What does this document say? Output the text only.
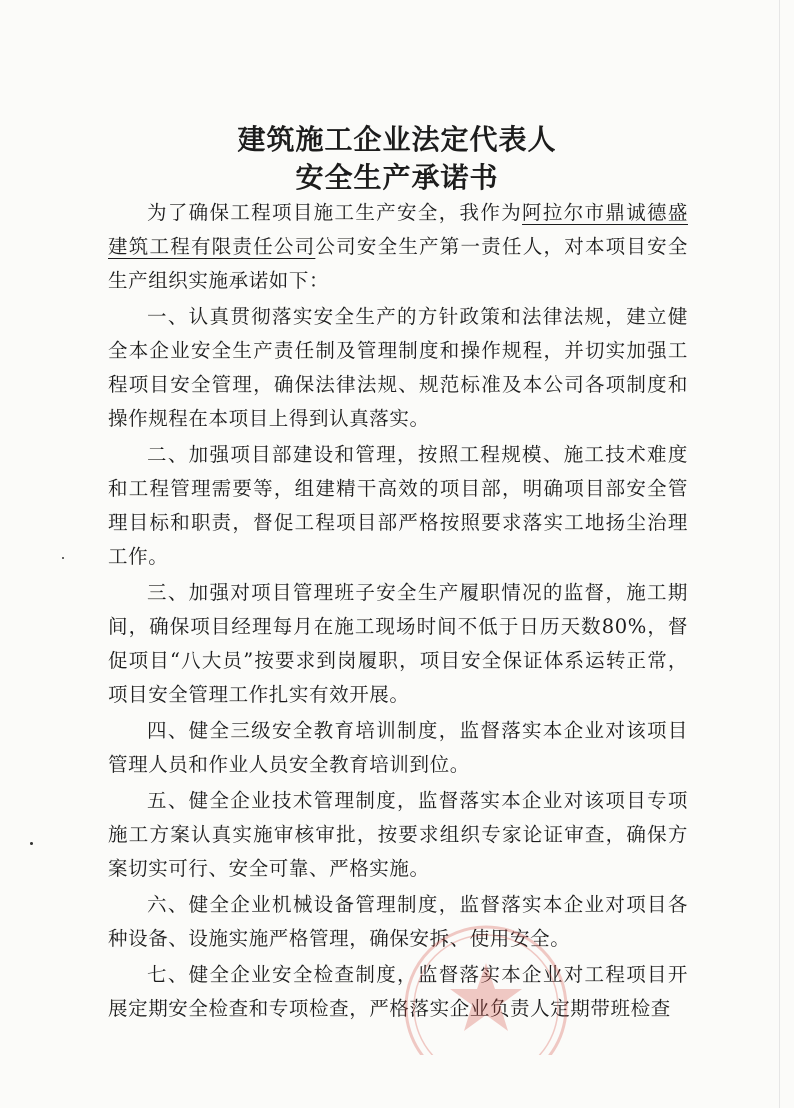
建筑施工企业法定代表人
安全生产承诺书

为了确保工程项目施工生产安全，我作为阿拉尔市鼎诚德盛建筑工程有限责任公司公司安全生产第一责任人，对本项目安全生产组织实施承诺如下：

一、认真贯彻落实安全生产的方针政策和法律法规，建立健全本企业安全生产责任制及管理制度和操作规程，并切实加强工程项目安全管理，确保法律法规、规范标准及本公司各项制度和操作规程在本项目上得到认真落实。

二、加强项目部建设和管理，按照工程规模、施工技术难度和工程管理需要等，组建精干高效的项目部，明确项目部安全管理目标和职责，督促工程项目部严格按照要求落实工地扬尘治理工作。

三、加强对项目管理班子安全生产履职情况的监督，施工期间，确保项目经理每月在施工现场时间不低于日历天数80%，督促项目“八大员”按要求到岗履职，项目安全保证体系运转正常，项目安全管理工作扎实有效开展。

四、健全三级安全教育培训制度，监督落实本企业对该项目管理人员和作业人员安全教育培训到位。

五、健全企业技术管理制度，监督落实本企业对该项目专项施工方案认真实施审核审批，按要求组织专家论证审查，确保方案切实可行、安全可靠、严格实施。

六、健全企业机械设备管理制度，监督落实本企业对项目各种设备、设施实施严格管理，确保安拆、使用安全。

七、健全企业安全检查制度，监督落实本企业对工程项目开展定期安全检查和专项检查，严格落实企业负责人定期带班检查
